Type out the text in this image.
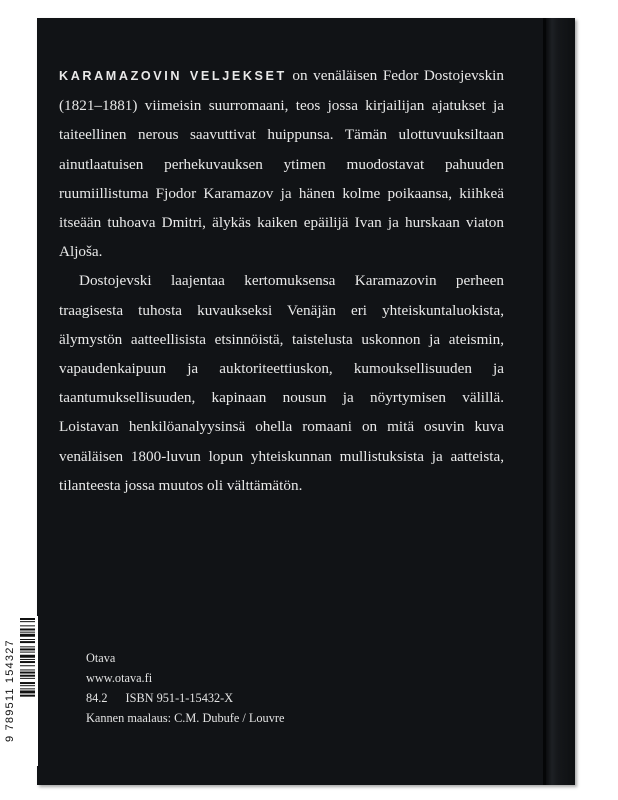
KARAMAZOVIN VELJEKSET on venäläisen Fedor Dostojevskin (1821–1881) viimeisin suurromaani, teos jossa kirjailijan ajatukset ja taiteellinen nerous saavuttivat huippunsa. Tämän ulottuvuuksiltaan ainutlaatuisen perhekuvauksen ytimen muodostavat pahuuden ruumiillistuma Fjodor Karamazov ja hänen kolme poikaansa, kiihkeä itseään tuhoava Dmitri, älykäs kaiken epäilijä Ivan ja hurskaan viaton Aljoša.

Dostojevski laajentaa kertomuksensa Karamazovin perheen traagisesta tuhosta kuvaukseksi Venäjän eri yhteiskuntaluokista, älymystön aatteellisista etsinnöistä, taistelusta uskonnon ja ateismin, vapaudenkaipuun ja auktoriteettiuskon, kumouksellisuuden ja taantumuksellisuuden, kapinaan nousun ja nöyrtymisen välillä. Loistavan henkilöanalyysinsä ohella romaani on mitä osuvin kuva venäläisen 1800-luvun lopun yhteiskunnan mullistuksista ja aatteista, tilanteesta jossa muutos oli välttämätön.

9 789511 154327	Otava
www.otava.fi
84.2 ISBN 951-1-15432-X
Kannen maalaus: C.M. Dubufe / Louvre
